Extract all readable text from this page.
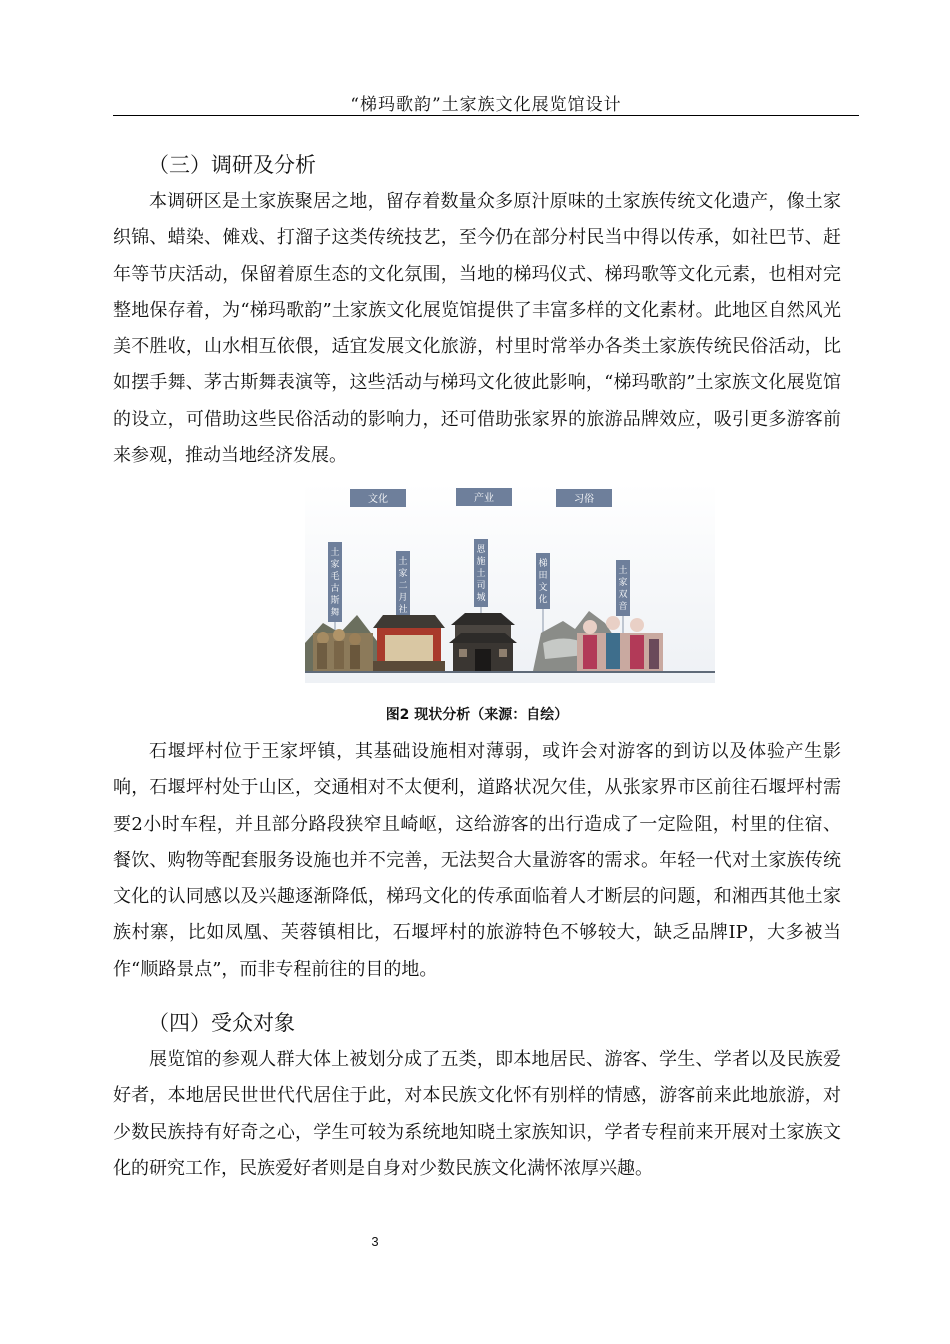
“梯玛歌韵”土家族文化展览馆设计
（三）调研及分析

本调研区是土家族聚居之地，留存着数量众多原汁原味的土家族传统文化遗产，像土家织锦、蜡染、傩戏、打溜子这类传统技艺，至今仍在部分村民当中得以传承，如社巴节、赶年等节庆活动，保留着原生态的文化氛围，当地的梯玛仪式、梯玛歌等文化元素，也相对完整地保存着，为“梯玛歌韵”土家族文化展览馆提供了丰富多样的文化素材。此地区自然风光美不胜收，山水相互依偎，适宜发展文化旅游，村里时常举办各类土家族传统民俗活动，比如摆手舞、茅古斯舞表演等，这些活动与梯玛文化彼此影响，“梯玛歌韵”土家族文化展览馆的设立，可借助这些民俗活动的影响力，还可借助张家界的旅游品牌效应，吸引更多游客前来参观，推动当地经济发展。

文化	产业	习俗
土家毛古斯舞
土家二月社
恩施土司城
梯田文化
土家双音
图2 现状分析（来源：自绘）

石堰坪村位于王家坪镇，其基础设施相对薄弱，或许会对游客的到访以及体验产生影响，石堰坪村处于山区，交通相对不太便利，道路状况欠佳，从张家界市区前往石堰坪村需要2小时车程，并且部分路段狭窄且崎岖，这给游客的出行造成了一定险阻，村里的住宿、餐饮、购物等配套服务设施也并不完善，无法契合大量游客的需求。年轻一代对土家族传统文化的认同感以及兴趣逐渐降低，梯玛文化的传承面临着人才断层的问题，和湘西其他土家族村寨，比如凤凰、芙蓉镇相比，石堰坪村的旅游特色不够较大，缺乏品牌IP，大多被当作“顺路景点”，而非专程前往的目的地。

（四）受众对象

展览馆的参观人群大体上被划分成了五类，即本地居民、游客、学生、学者以及民族爱好者，本地居民世世代代居住于此，对本民族文化怀有别样的情感，游客前来此地旅游，对少数民族持有好奇之心，学生可较为系统地知晓土家族知识，学者专程前来开展对土家族文化的研究工作，民族爱好者则是自身对少数民族文化满怀浓厚兴趣。

3
